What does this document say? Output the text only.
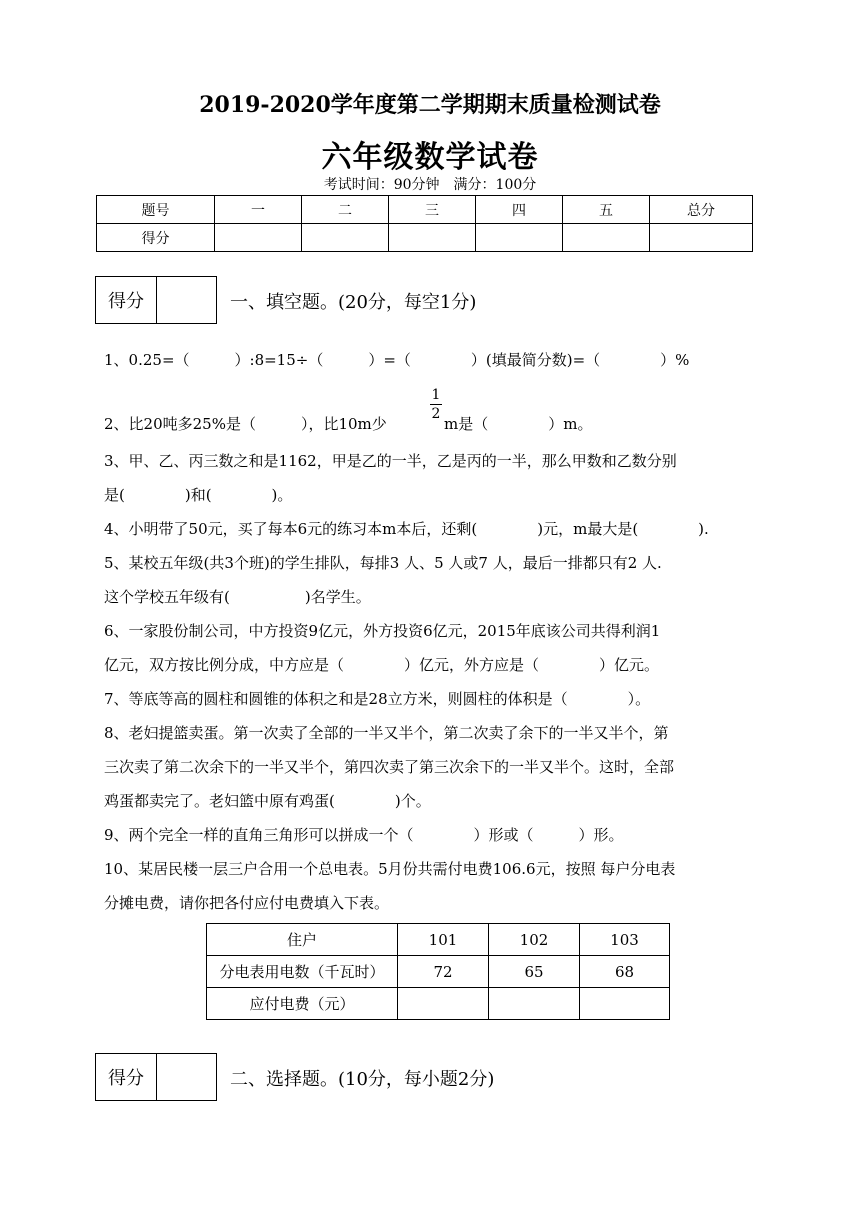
2019-2020学年度第二学期期末质量检测试卷
六年级数学试卷
考试时间：90分钟 满分：100分
题号	一	二	三	四	五	总分
得分						
得分	一、填空题。(20分，每空1分)
1、0.25=（　　　）:8=15÷（　　　）=（　　　　）(填最简分数)=（　　　　）%
2、比20吨多25%是（　　　），比10m少
1
2
m是（　　　　）m。
3、甲、乙、丙三数之和是1162，甲是乙的一半，乙是丙的一半，那么甲数和乙数分别
是(　　　　)和(　　　　)。
4、小明带了50元，买了每本6元的练习本m本后，还剩(　　　　)元，m最大是(　　　　).
5、某校五年级(共3个班)的学生排队，每排3 人、5 人或7 人，最后一排都只有2 人.
这个学校五年级有(　　　　　)名学生。
6、一家股份制公司，中方投资9亿元，外方投资6亿元，2015年底该公司共得利润1
亿元，双方按比例分成，中方应是（　　　　）亿元，外方应是（　　　　）亿元。
7、等底等高的圆柱和圆锥的体积之和是28立方米，则圆柱的体积是（　　　　）。
8、老妇提篮卖蛋。第一次卖了全部的一半又半个，第二次卖了余下的一半又半个，第
三次卖了第二次余下的一半又半个，第四次卖了第三次余下的一半又半个。这时，全部
鸡蛋都卖完了。老妇篮中原有鸡蛋(　　　　)个。
9、两个完全一样的直角三角形可以拼成一个（　　　　）形或（　　　）形。
10、某居民楼一层三户合用一个总电表。5月份共需付电费106.6元，按照 每户分电表
分摊电费，请你把各付应付电费填入下表。
住户	101	102	103
分电表用电数（千瓦时）	72	65	68
应付电费（元）			
得分	二、选择题。(10分，每小题2分)
